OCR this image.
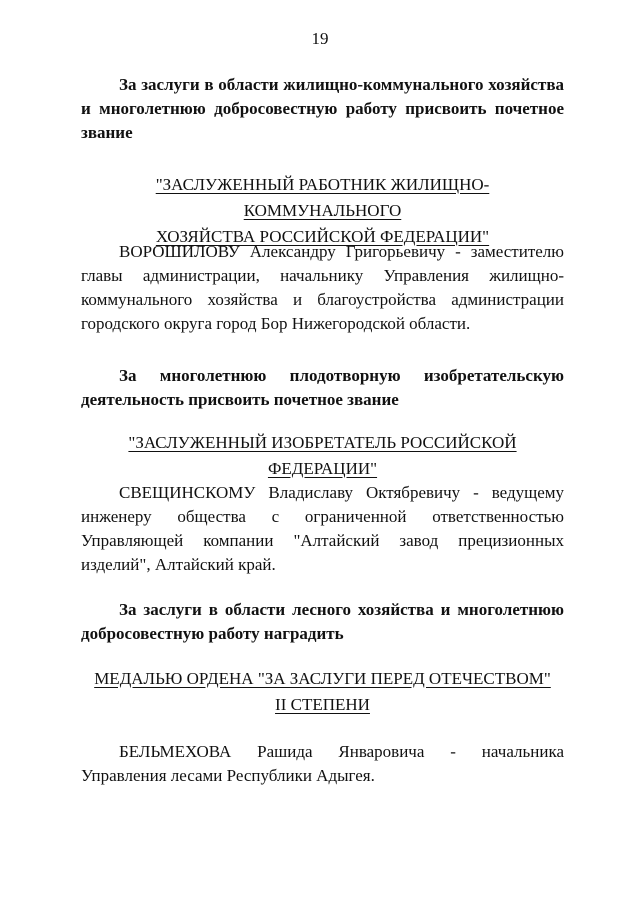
19
За заслуги в области жилищно-коммунального хозяйства и многолетнюю добросовестную работу присвоить почетное звание
"ЗАСЛУЖЕННЫЙ РАБОТНИК ЖИЛИЩНО-КОММУНАЛЬНОГО
ХОЗЯЙСТВА РОССИЙСКОЙ ФЕДЕРАЦИИ"
ВОРОШИЛОВУ Александру Григорьевичу - заместителю главы администрации, начальнику Управления жилищно-коммунального хозяйства и благоустройства администрации городского округа город Бор Нижегородской области.
За многолетнюю плодотворную изобретательскую деятельность присвоить почетное звание
"ЗАСЛУЖЕННЫЙ ИЗОБРЕТАТЕЛЬ РОССИЙСКОЙ ФЕДЕРАЦИИ"
СВЕЩИНСКОМУ Владиславу Октябревичу - ведущему инженеру общества с ограниченной ответственностью Управляющей компании "Алтайский завод прецизионных изделий", Алтайский край.
За заслуги в области лесного хозяйства и многолетнюю добросовестную работу наградить
МЕДАЛЬЮ ОРДЕНА "ЗА ЗАСЛУГИ ПЕРЕД ОТЕЧЕСТВОМ"
II СТЕПЕНИ
БЕЛЬМЕХОВА Рашида Январовича - начальника Управления лесами Республики Адыгея.
